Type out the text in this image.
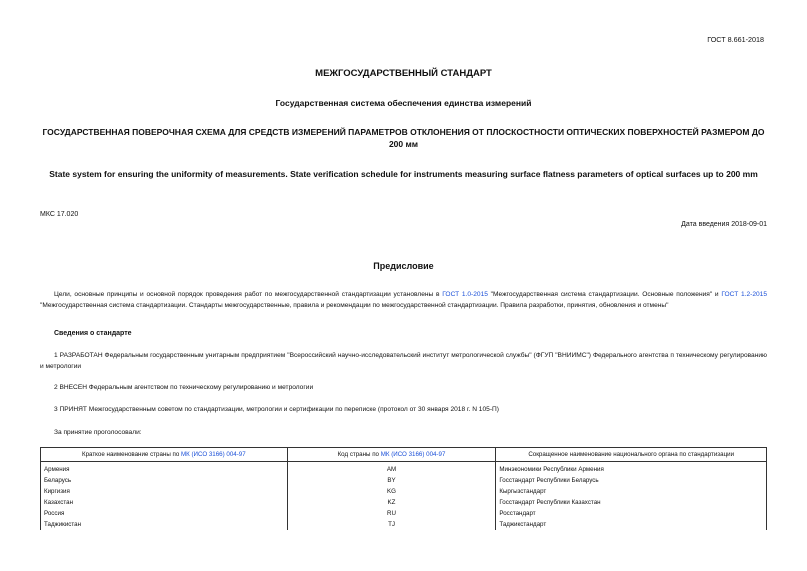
ГОСТ 8.661-2018
МЕЖГОСУДАРСТВЕННЫЙ СТАНДАРТ
Государственная система обеспечения единства измерений
ГОСУДАРСТВЕННАЯ ПОВЕРОЧНАЯ СХЕМА ДЛЯ СРЕДСТВ ИЗМЕРЕНИЙ ПАРАМЕТРОВ ОТКЛОНЕНИЯ ОТ ПЛОСКОСТНОСТИ ОПТИЧЕСКИХ ПОВЕРХНОСТЕЙ РАЗМЕРОМ ДО 200 мм
State system for ensuring the uniformity of measurements. State verification schedule for instruments measuring surface flatness parameters of optical surfaces up to 200 mm
МКС 17.020
Дата введения 2018-09-01
Предисловие
Цели, основные принципы и основной порядок проведения работ по межгосударственной стандартизации установлены в ГОСТ 1.0-2015 "Межгосударственная система стандартизации. Основные положения" и ГОСТ 1.2-2015 "Межгосударственная система стандартизации. Стандарты межгосударственные, правила и рекомендации по межгосударственной стандартизации. Правила разработки, принятия, обновления и отмены"
Сведения о стандарте
1 РАЗРАБОТАН Федеральным государственным унитарным предприятием "Всероссийский научно-исследовательский институт метрологической службы" (ФГУП "ВНИИМС") Федерального агентства п техническому регулированию и метрологии
2 ВНЕСЕН Федеральным агентством по техническому регулированию и метрологии
3 ПРИНЯТ Межгосударственным советом по стандартизации, метрологии и сертификации по переписке (протокол от 30 января 2018 г. N 105-П)
За принятие проголосовали:
Краткое наименование страны по МК (ИСО 3166) 004-97	Код страны по МК (ИСО 3166) 004-97	Сокращенное наименование национального органа по стандартизации
Армения	AM	Минэкономики Республики Армения
Беларусь	BY	Госстандарт Республики Беларусь
Киргизия	KG	Кыргызстандарт
Казахстан	KZ	Госстандарт Республики Казахстан
Россия	RU	Росстандарт
Таджикистан	TJ	Таджикстандарт
